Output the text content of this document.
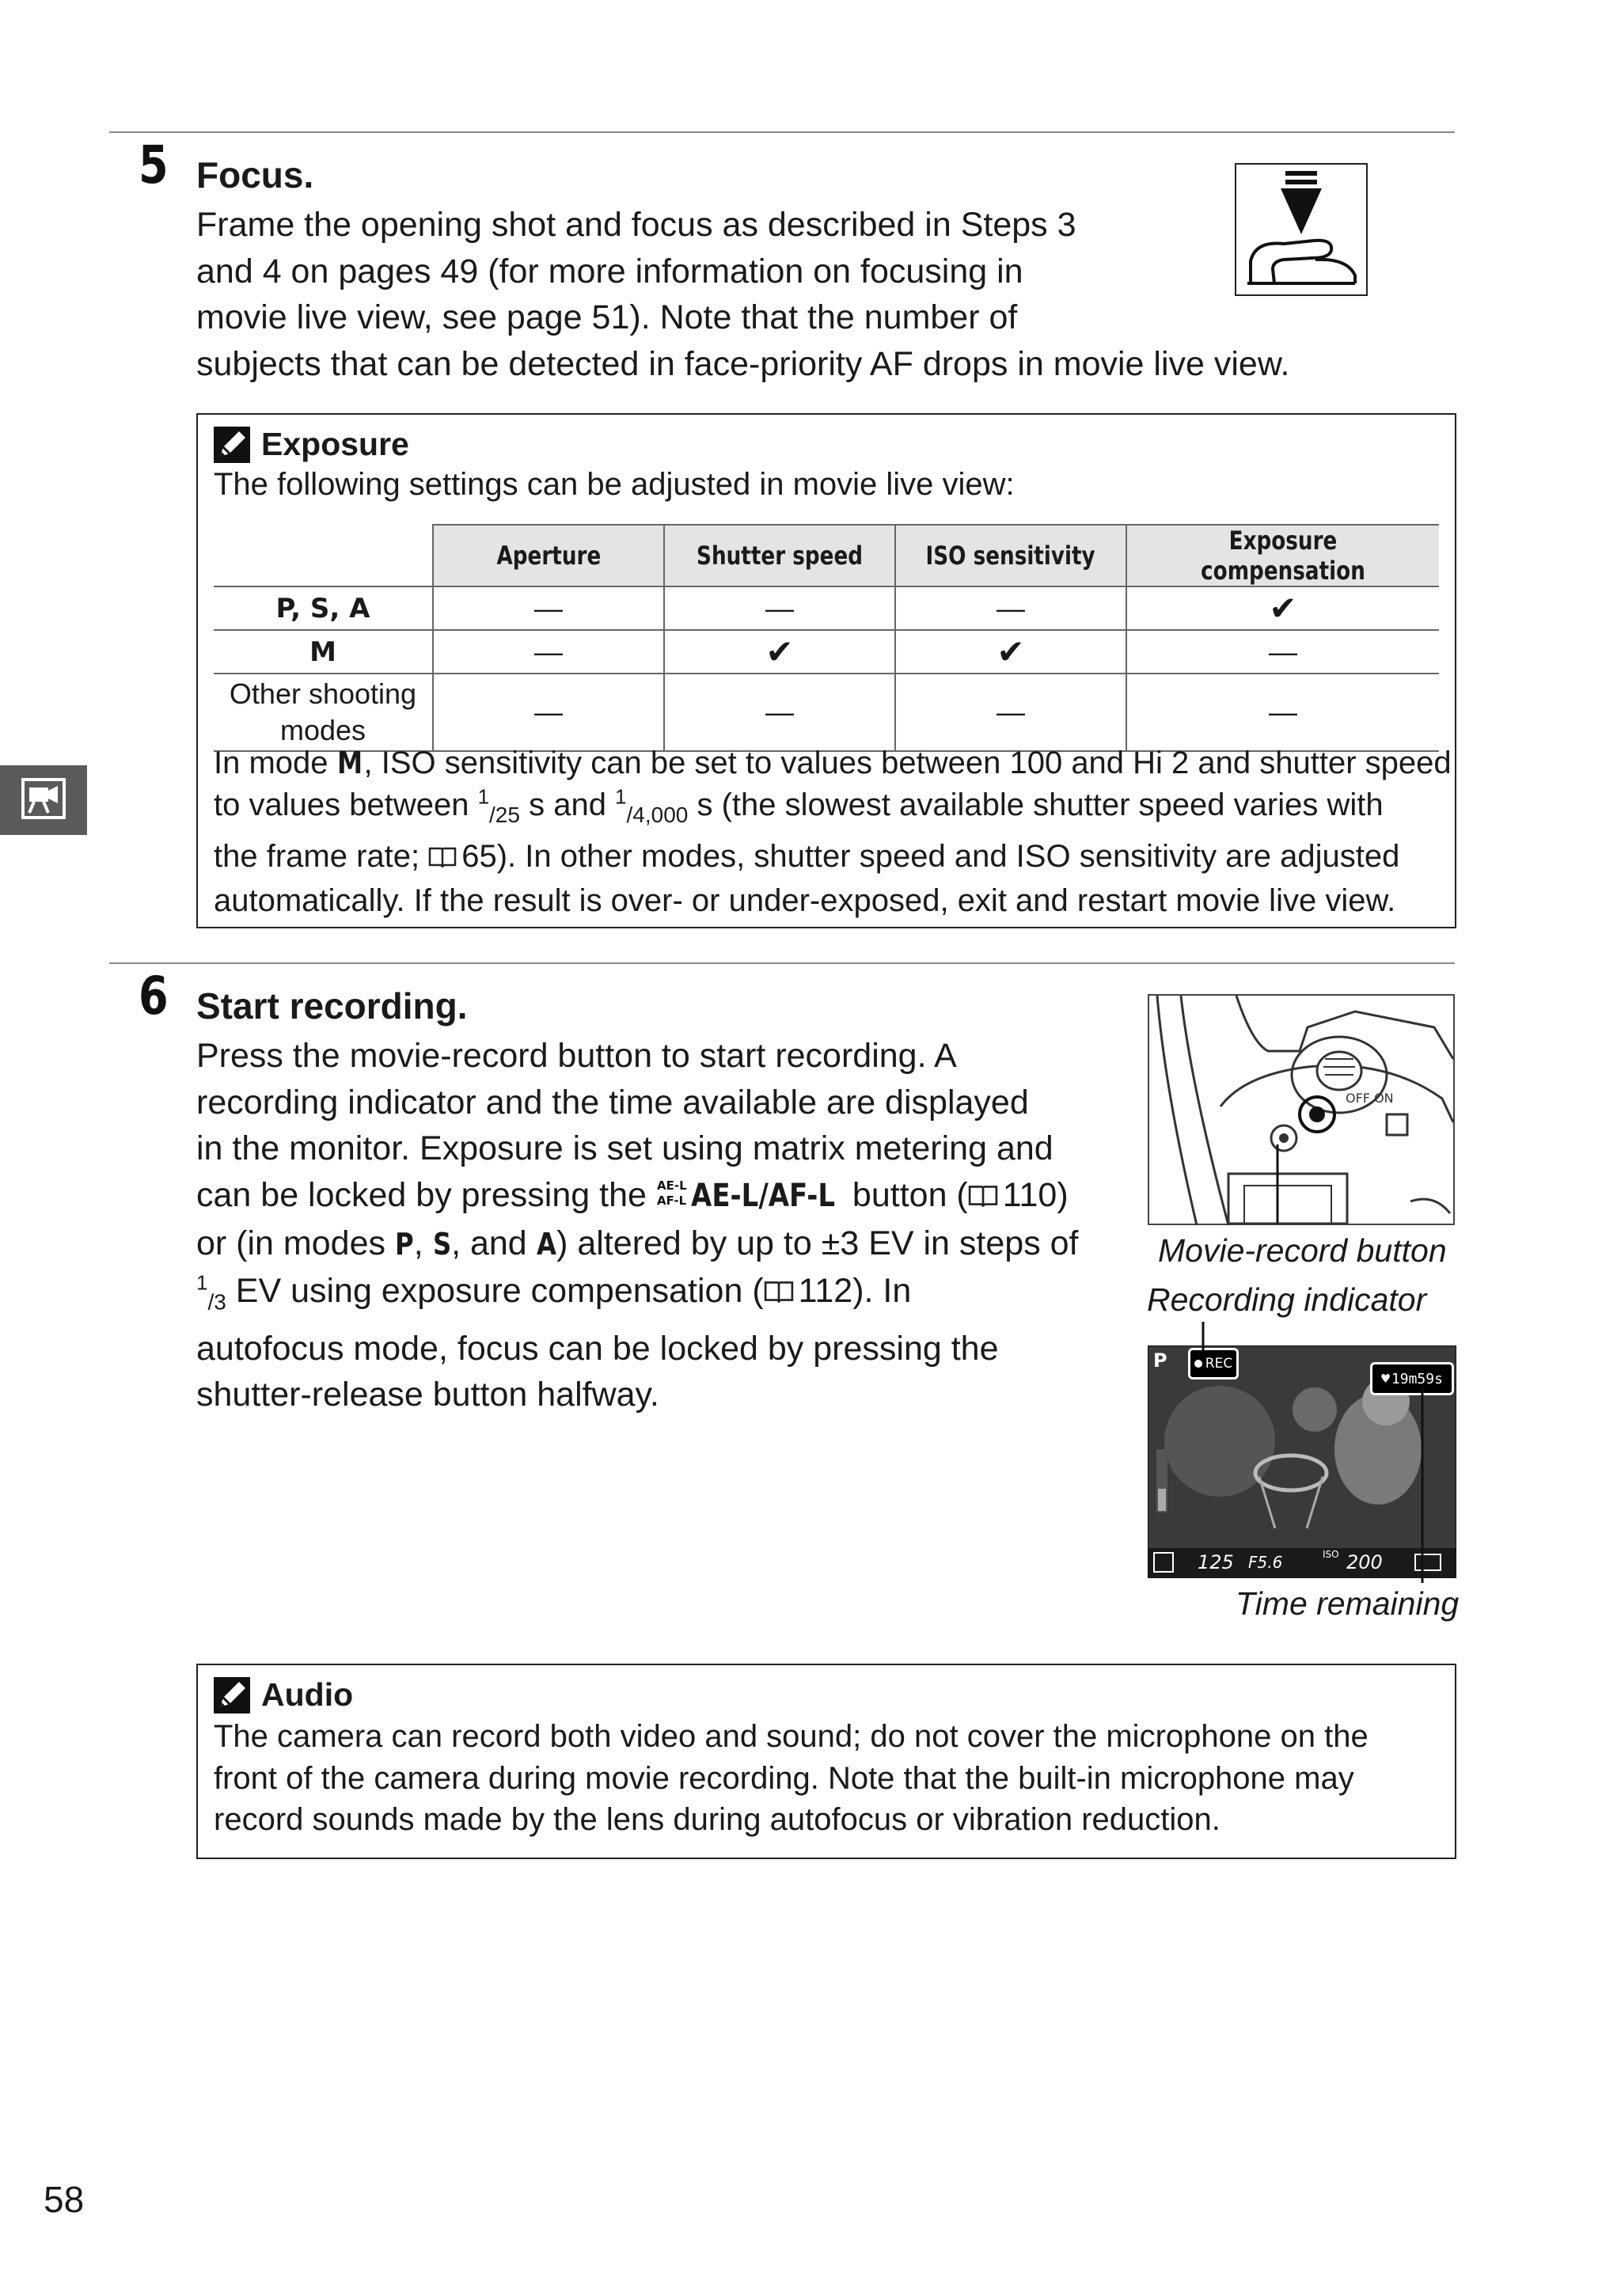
5 Focus.
Frame the opening shot and focus as described in Steps 3
and 4 on pages 49 (for more information on focusing in
movie live view, see page 51). Note that the number of
subjects that can be detected in face-priority AF drops in movie live view.
Exposure
The following settings can be adjusted in movie live view:
	Aperture	Shutter speed	ISO sensitivity	Exposure compensation
P, S, A	—	—	—	✔
M	—	✔	✔	—
Other shooting
modes	—	—	—	—
In mode M, ISO sensitivity can be set to values between 100 and Hi 2 and shutter speed
to values between $^1_{/25}$ s and $^1_{/4,000}$ s (the slowest available shutter speed varies with
the frame rate; 65). In other modes, shutter speed and ISO sensitivity are adjusted
automatically. If the result is over- or under-exposed, exit and restart movie live view.
6 Start recording.
Press the movie-record button to start recording. A
recording indicator and the time available are displayed
in the monitor. Exposure is set using matrix metering and
can be locked by pressing the AE-L
AF-L AE-L/AF-L button ( 110)
or (in modes P, S, and A) altered by up to ±3 EV in steps of
$^1_{/3}$ EV using exposure compensation ( 112). In
autofocus mode, focus can be locked by pressing the
shutter-release button halfway.
OFF ON
Movie-record button
Recording indicator
P	REC
♥ 19m59s
125 F5.6	ISO 200
Time remaining
Audio
The camera can record both video and sound; do not cover the microphone on the
front of the camera during movie recording. Note that the built-in microphone may
record sounds made by the lens during autofocus or vibration reduction.
58
